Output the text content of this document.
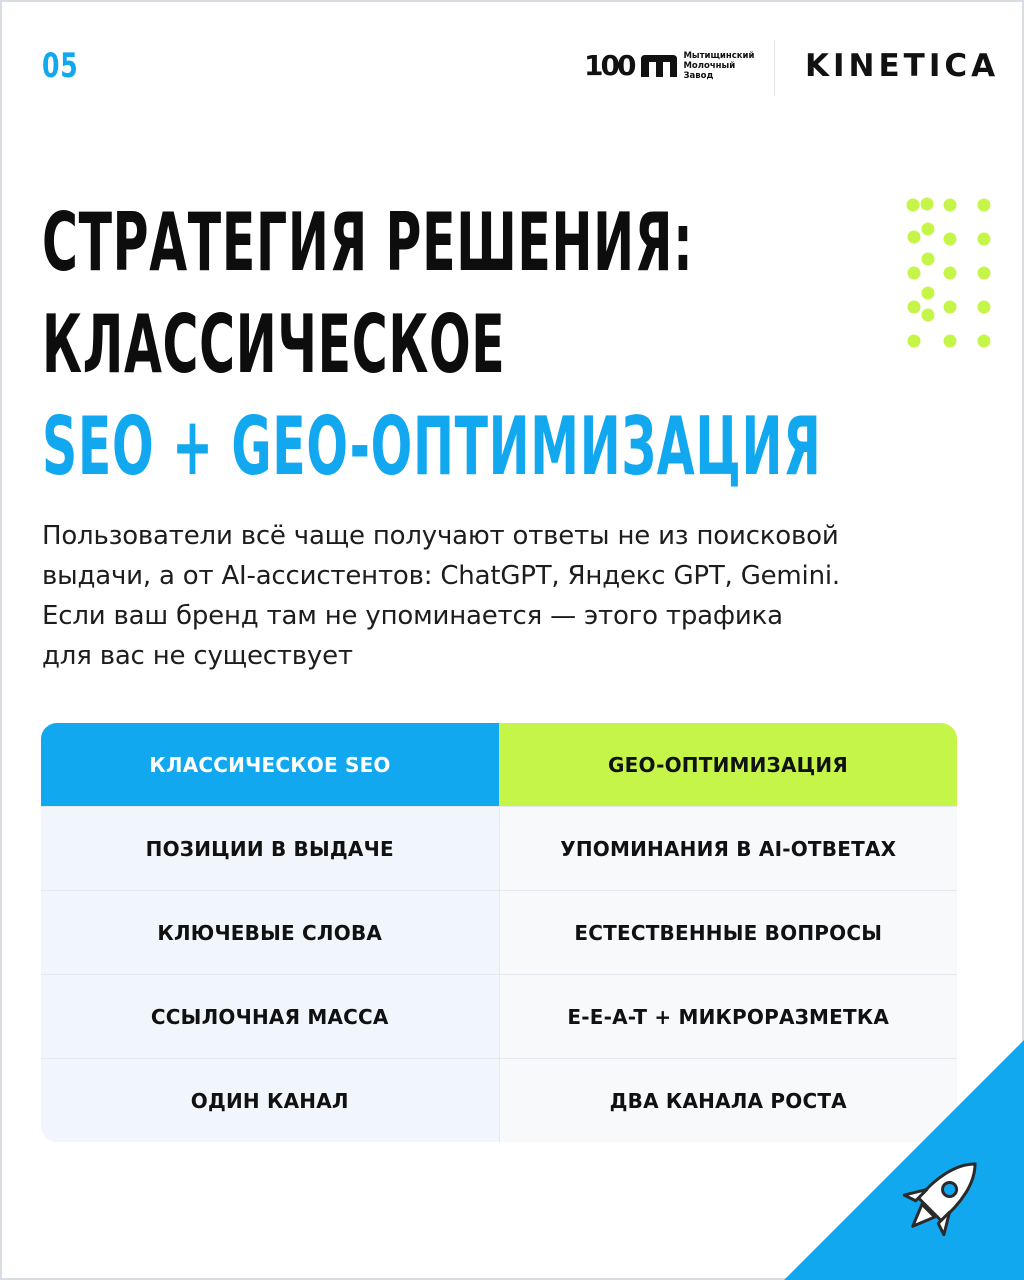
05	100	Мытищинский
Молочный
Завод	KINETICA
СТРАТЕГИЯ РЕШЕНИЯ:
КЛАССИЧЕСКОЕ
SEO + GEO-ОПТИМИЗАЦИЯ
Пользователи всё чаще получают ответы не из поисковой
выдачи, а от AI-ассистентов: ChatGPT, Яндекс GPT, Gemini.
Если ваш бренд там не упоминается — этого трафика
для вас не существует
КЛАССИЧЕСКОЕ SEO	GEO-ОПТИМИЗАЦИЯ
ПОЗИЦИИ В ВЫДАЧЕ	УПОМИНАНИЯ В AI-ОТВЕТАХ
КЛЮЧЕВЫЕ СЛОВА	ЕСТЕСТВЕННЫЕ ВОПРОСЫ
ССЫЛОЧНАЯ МАССА	E-E-A-T + МИКРОРАЗМЕТКА
ОДИН КАНАЛ	ДВА КАНАЛА РОСТА
